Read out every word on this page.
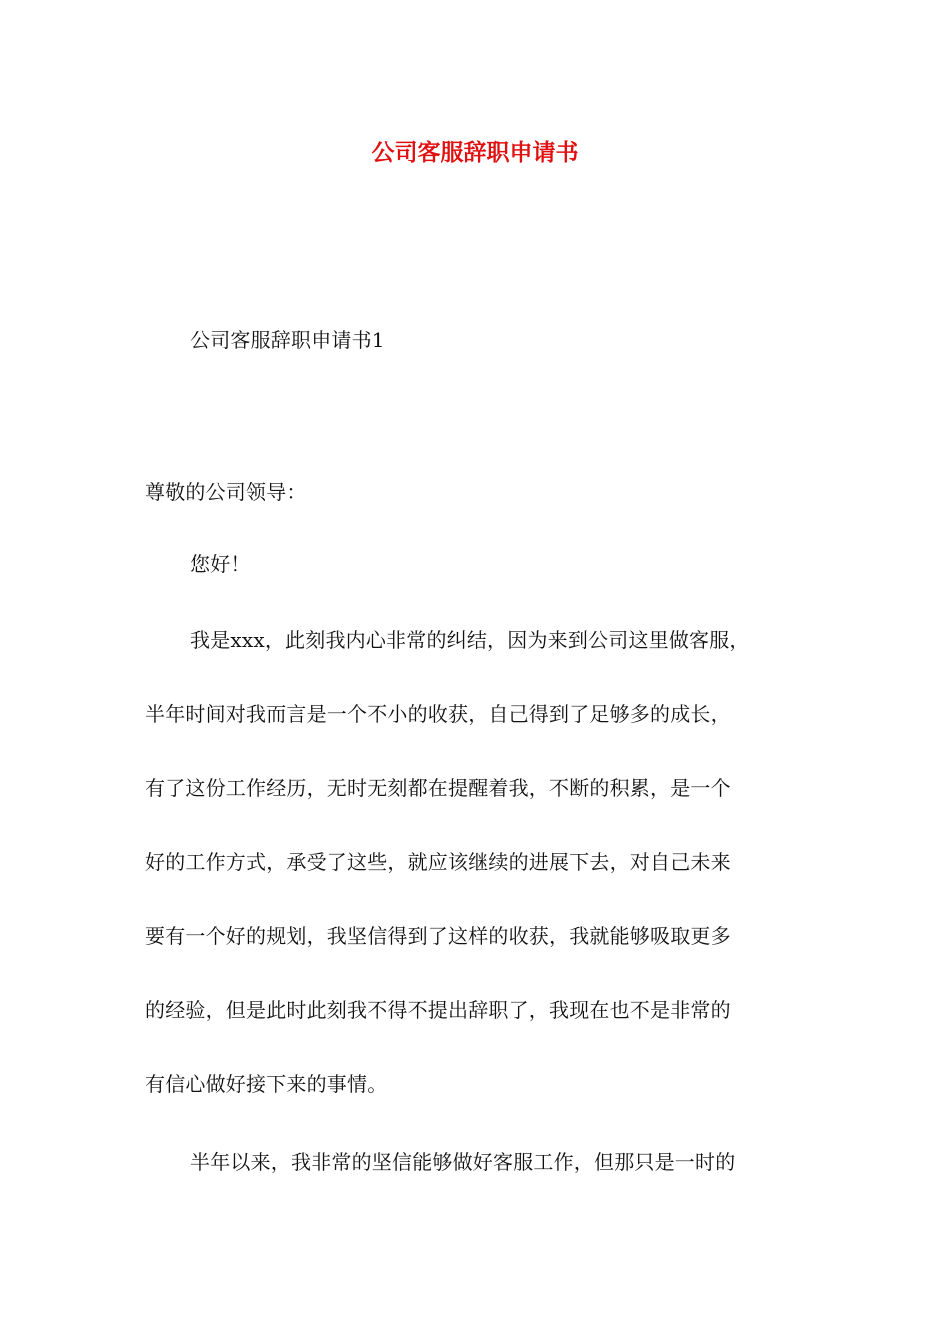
公司客服辞职申请书
公司客服辞职申请书1
尊敬的公司领导：
您好！
我是xxx，此刻我内心非常的纠结，因为来到公司这里做客服，
半年时间对我而言是一个不小的收获，自己得到了足够多的成长，
有了这份工作经历，无时无刻都在提醒着我，不断的积累，是一个
好的工作方式，承受了这些，就应该继续的进展下去，对自己未来
要有一个好的规划，我坚信得到了这样的收获，我就能够吸取更多
的经验，但是此时此刻我不得不提出辞职了，我现在也不是非常的
有信心做好接下来的事情。
半年以来，我非常的坚信能够做好客服工作，但那只是一时的
